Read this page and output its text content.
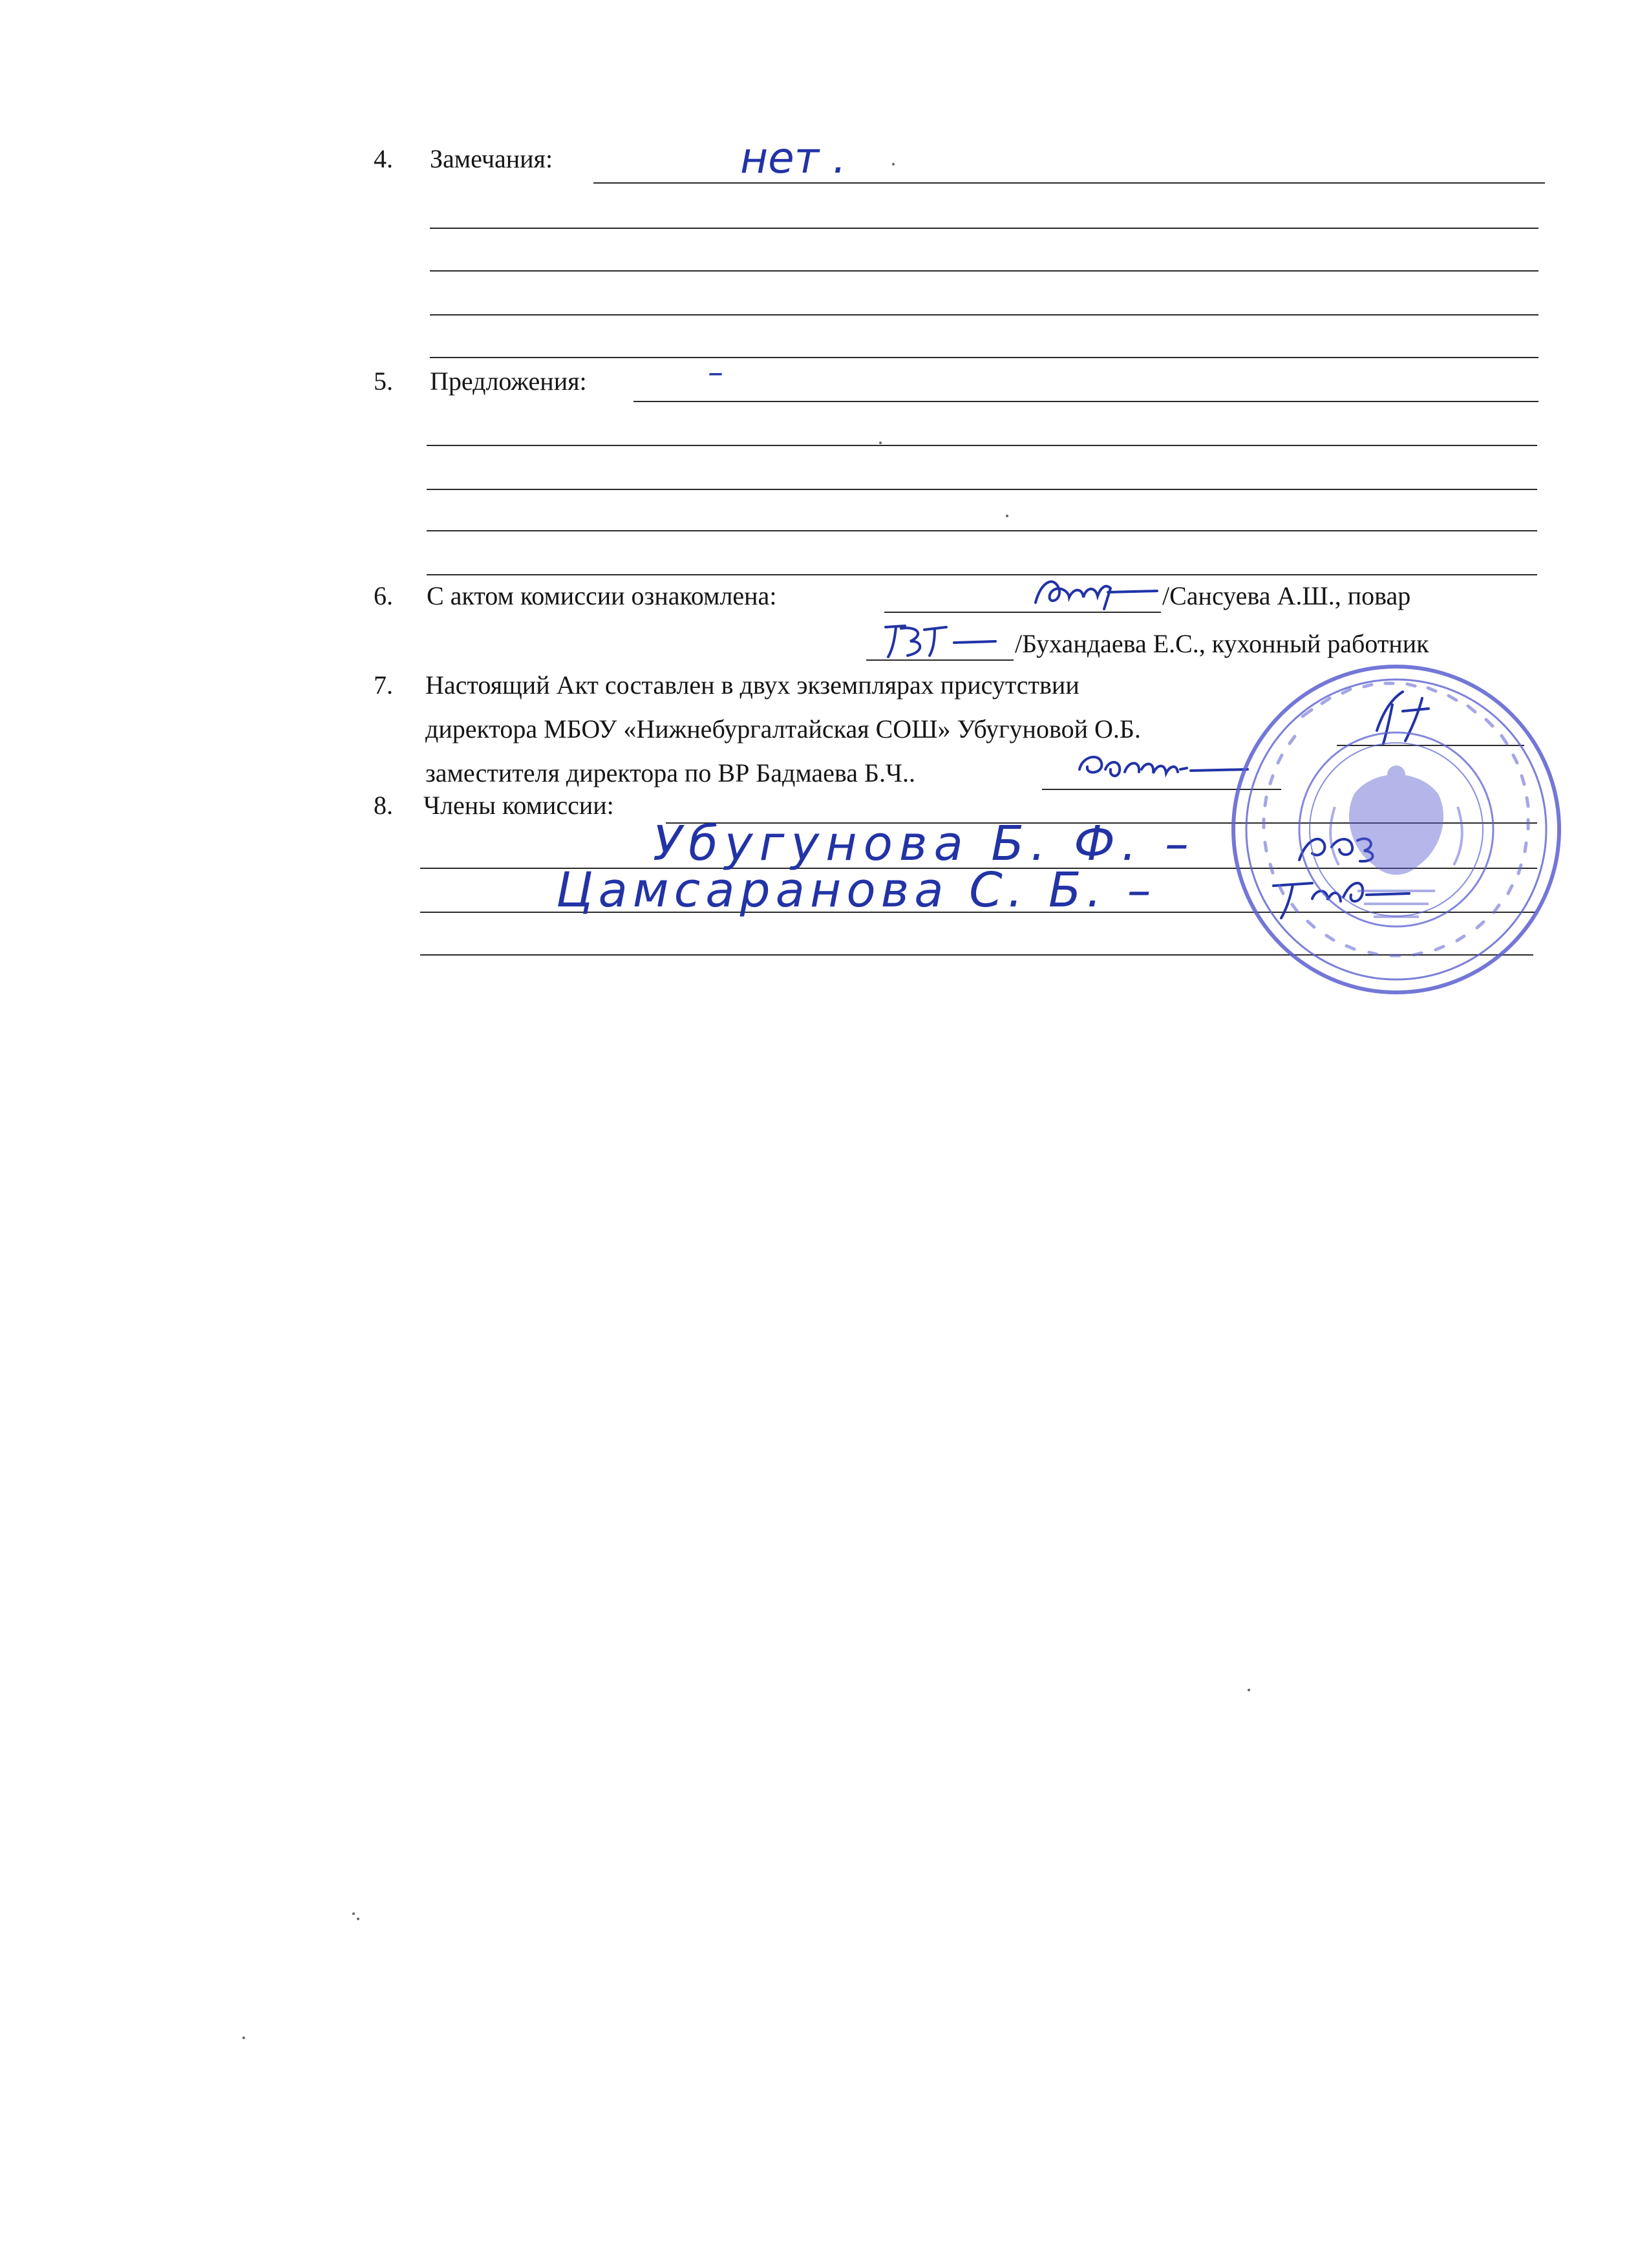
4. Замечания:	нет .
5. Предложения:	–
6. С актом комиссии ознакомлена:	/Сансуева А.Ш., повар
/Бухандаева Е.С., кухонный работник
7. Настоящий Акт составлен в двух экземплярах присутствии
директора МБОУ «Нижнебургалтайская СОШ» Убугуновой О.Б.
заместителя директора по ВР Бадмаева Б.Ч..
8. Члены комиссии:
Убугунова Б. Ф. –
Цамсаранова С. Б. –
